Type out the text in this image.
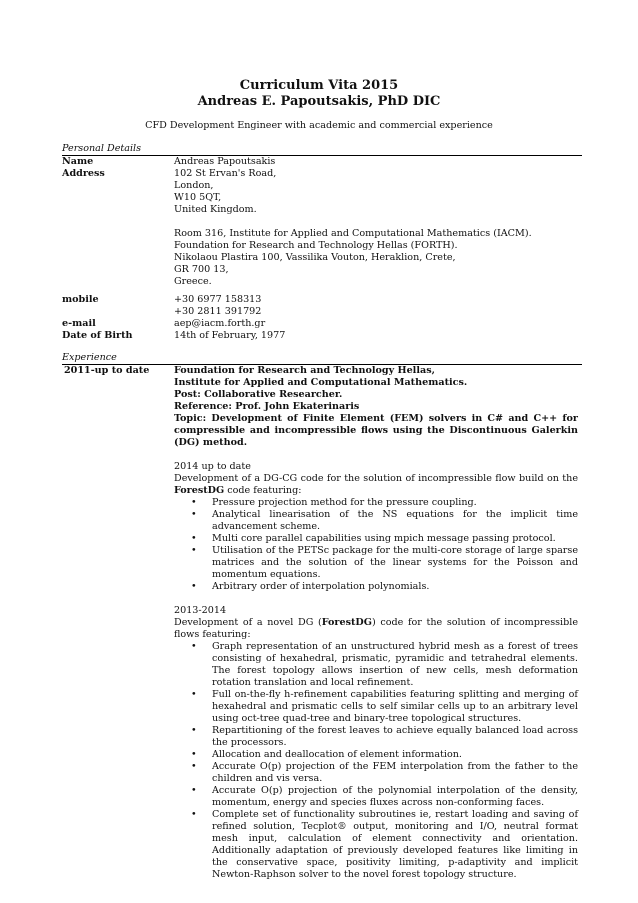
Curriculum Vita 2015
Andreas E. Papoutsakis, PhD DIC
CFD Development Engineer with academic and commercial experience
Personal Details
Name	Andreas Papoutsakis
Address	102 St Ervan's Road,
London,
W10 5QT,
United Kingdom.
Room 316, Institute for Applied and Computational Mathematics (IACM).
Foundation for Research and Technology Hellas (FORTH).
Nikolaou Plastira 100, Vassilika Vouton, Heraklion, Crete,
GR 700 13,
Greece.
mobile	+30 6977 158313
+30 2811 391792
e-mail	aep@iacm.forth.gr
Date of Birth	14th of February, 1977
Experience
2011-up to date	Foundation for Research and Technology Hellas,
Institute for Applied and Computational Mathematics.
Post: Collaborative Researcher.
Reference: Prof. John Ekaterinaris
Topic: Development of Finite Element (FEM) solvers in C# and C++ for compressible and incompressible flows using the Discontinuous Galerkin (DG) method.
2014 up to date

Development of a DG-CG code for the solution of incompressible flow build on the ForestDG code featuring:

• Pressure projection method for the pressure coupling.
• Analytical linearisation of the NS equations for the implicit time advancement scheme.
• Multi core parallel capabilities using mpich message passing protocol.
• Utilisation of the PETSc package for the multi-core storage of large sparse matrices and the solution of the linear systems for the Poisson and momentum equations.
• Arbitrary order of interpolation polynomials.
2013-2014

Development of a novel DG (ForestDG) code for the solution of incompressible flows featuring:

• Graph representation of an unstructured hybrid mesh as a forest of trees consisting of hexahedral, prismatic, pyramidic and tetrahedral elements. The forest topology allows insertion of new cells, mesh deformation rotation translation and local refinement.
• Full on-the-fly h-refinement capabilities featuring splitting and merging of hexahedral and prismatic cells to self similar cells up to an arbitrary level using oct-tree quad-tree and binary-tree topological structures.
• Repartitioning of the forest leaves to achieve equally balanced load across the processors.
• Allocation and deallocation of element information.
• Accurate O(p) projection of the FEM interpolation from the father to the children and vis versa.
• Accurate O(p) projection of the polynomial interpolation of the density, momentum, energy and species fluxes across non-conforming faces.
• Complete set of functionality subroutines ie, restart loading and saving of refined solution, Tecplot® output, monitoring and I/O, neutral format mesh input, calculation of element connectivity and orientation. Additionally adaptation of previously developed features like limiting in the conservative space, positivity limiting, p-adaptivity and implicit Newton-Raphson solver to the novel forest topology structure.
